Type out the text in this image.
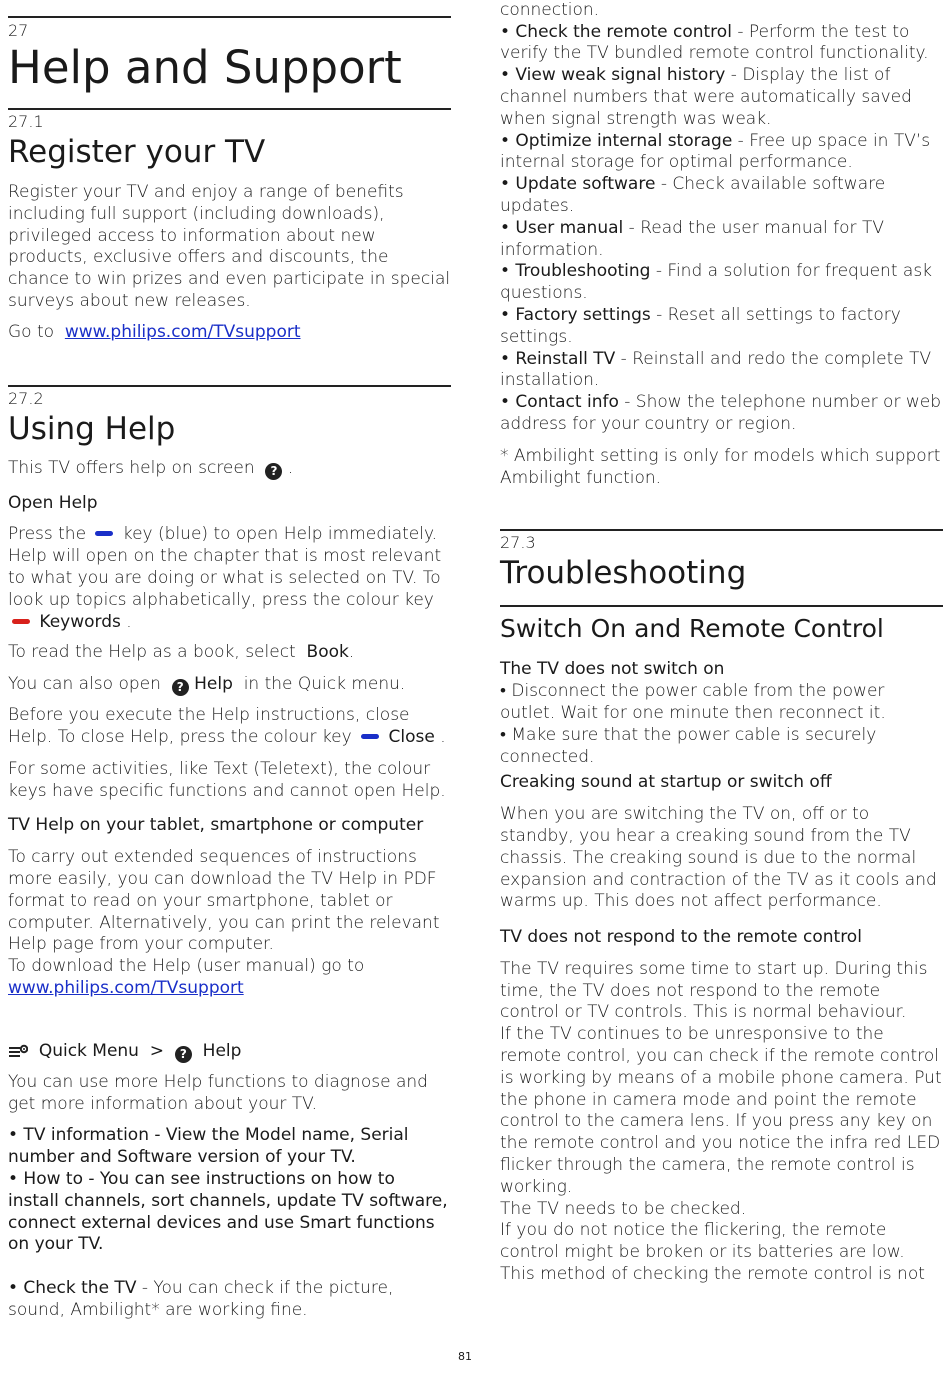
27
Help and Support
27.1
Register your TV

Register your TV and enjoy a range of benefits including full support (including downloads), privileged access to information about new products, exclusive offers and discounts, the chance to win prizes and even participate in special surveys about new releases.

Go to www.philips.com/TVsupport

27.2
Using Help

This TV offers help on screen ? .

Open Help

Press the key (blue) to open Help immediately. Help will open on the chapter that is most relevant to what you are doing or what is selected on TV. To look up topics alphabetically, press the colour key  Keywords .

To read the Help as a book, select Book.

You can also open ? Help in the Quick menu.

Before you execute the Help instructions, close Help. To close Help, press the colour key Close .

For some activities, like Text (Teletext), the colour keys have specific functions and cannot open Help.

TV Help on your tablet, smartphone or computer

To carry out extended sequences of instructions more easily, you can download the TV Help in PDF format to read on your smartphone, tablet or computer. Alternatively, you can print the relevant Help page from your computer.

To download the Help (user manual) go to  www.philips.com/TVsupport

Quick Menu > ? Help

You can use more Help functions to diagnose and get more information about your TV.

• TV information - View the Model name, Serial number and Software version of your TV.

• How to - You can see instructions on how to install channels, sort channels, update TV software, connect external devices and use Smart functions on your TV.

• Check the TV - You can check if the picture, sound, Ambilight* are working fine.

connection.

• Check the remote control - Perform the test to verify the TV bundled remote control functionality.

• View weak signal history - Display the list of channel numbers that were automatically saved when signal strength was weak.

• Optimize internal storage - Free up space in TV’s internal storage for optimal performance.

• Update software - Check available software updates.

• User manual - Read the user manual for TV information.

• Troubleshooting - Find a solution for frequent ask questions.

• Factory settings - Reset all settings to factory settings.

• Reinstall TV - Reinstall and redo the complete TV installation.

• Contact info - Show the telephone number or web address for your country or region.

* Ambilight setting is only for models which support Ambilight function.

27.3
Troubleshooting
Switch On and Remote Control

The TV does not switch on

• Disconnect the power cable from the power outlet. Wait for one minute then reconnect it.

• Make sure that the power cable is securely connected.

Creaking sound at startup or switch off

When you are switching the TV on, off or to standby, you hear a creaking sound from the TV chassis. The creaking sound is due to the normal expansion and contraction of the TV as it cools and warms up. This does not affect performance.

TV does not respond to the remote control

The TV requires some time to start up. During this time, the TV does not respond to the remote control or TV controls. This is normal behaviour.

If the TV continues to be unresponsive to the remote control, you can check if the remote control is working by means of a mobile phone camera. Put the phone in camera mode and point the remote control to the camera lens. If you press any key on the remote control and you notice the infra red LED flicker through the camera, the remote control is working.

The TV needs to be checked.

If you do not notice the flickering, the remote control might be broken or its batteries are low.

This method of checking the remote control is not

81
